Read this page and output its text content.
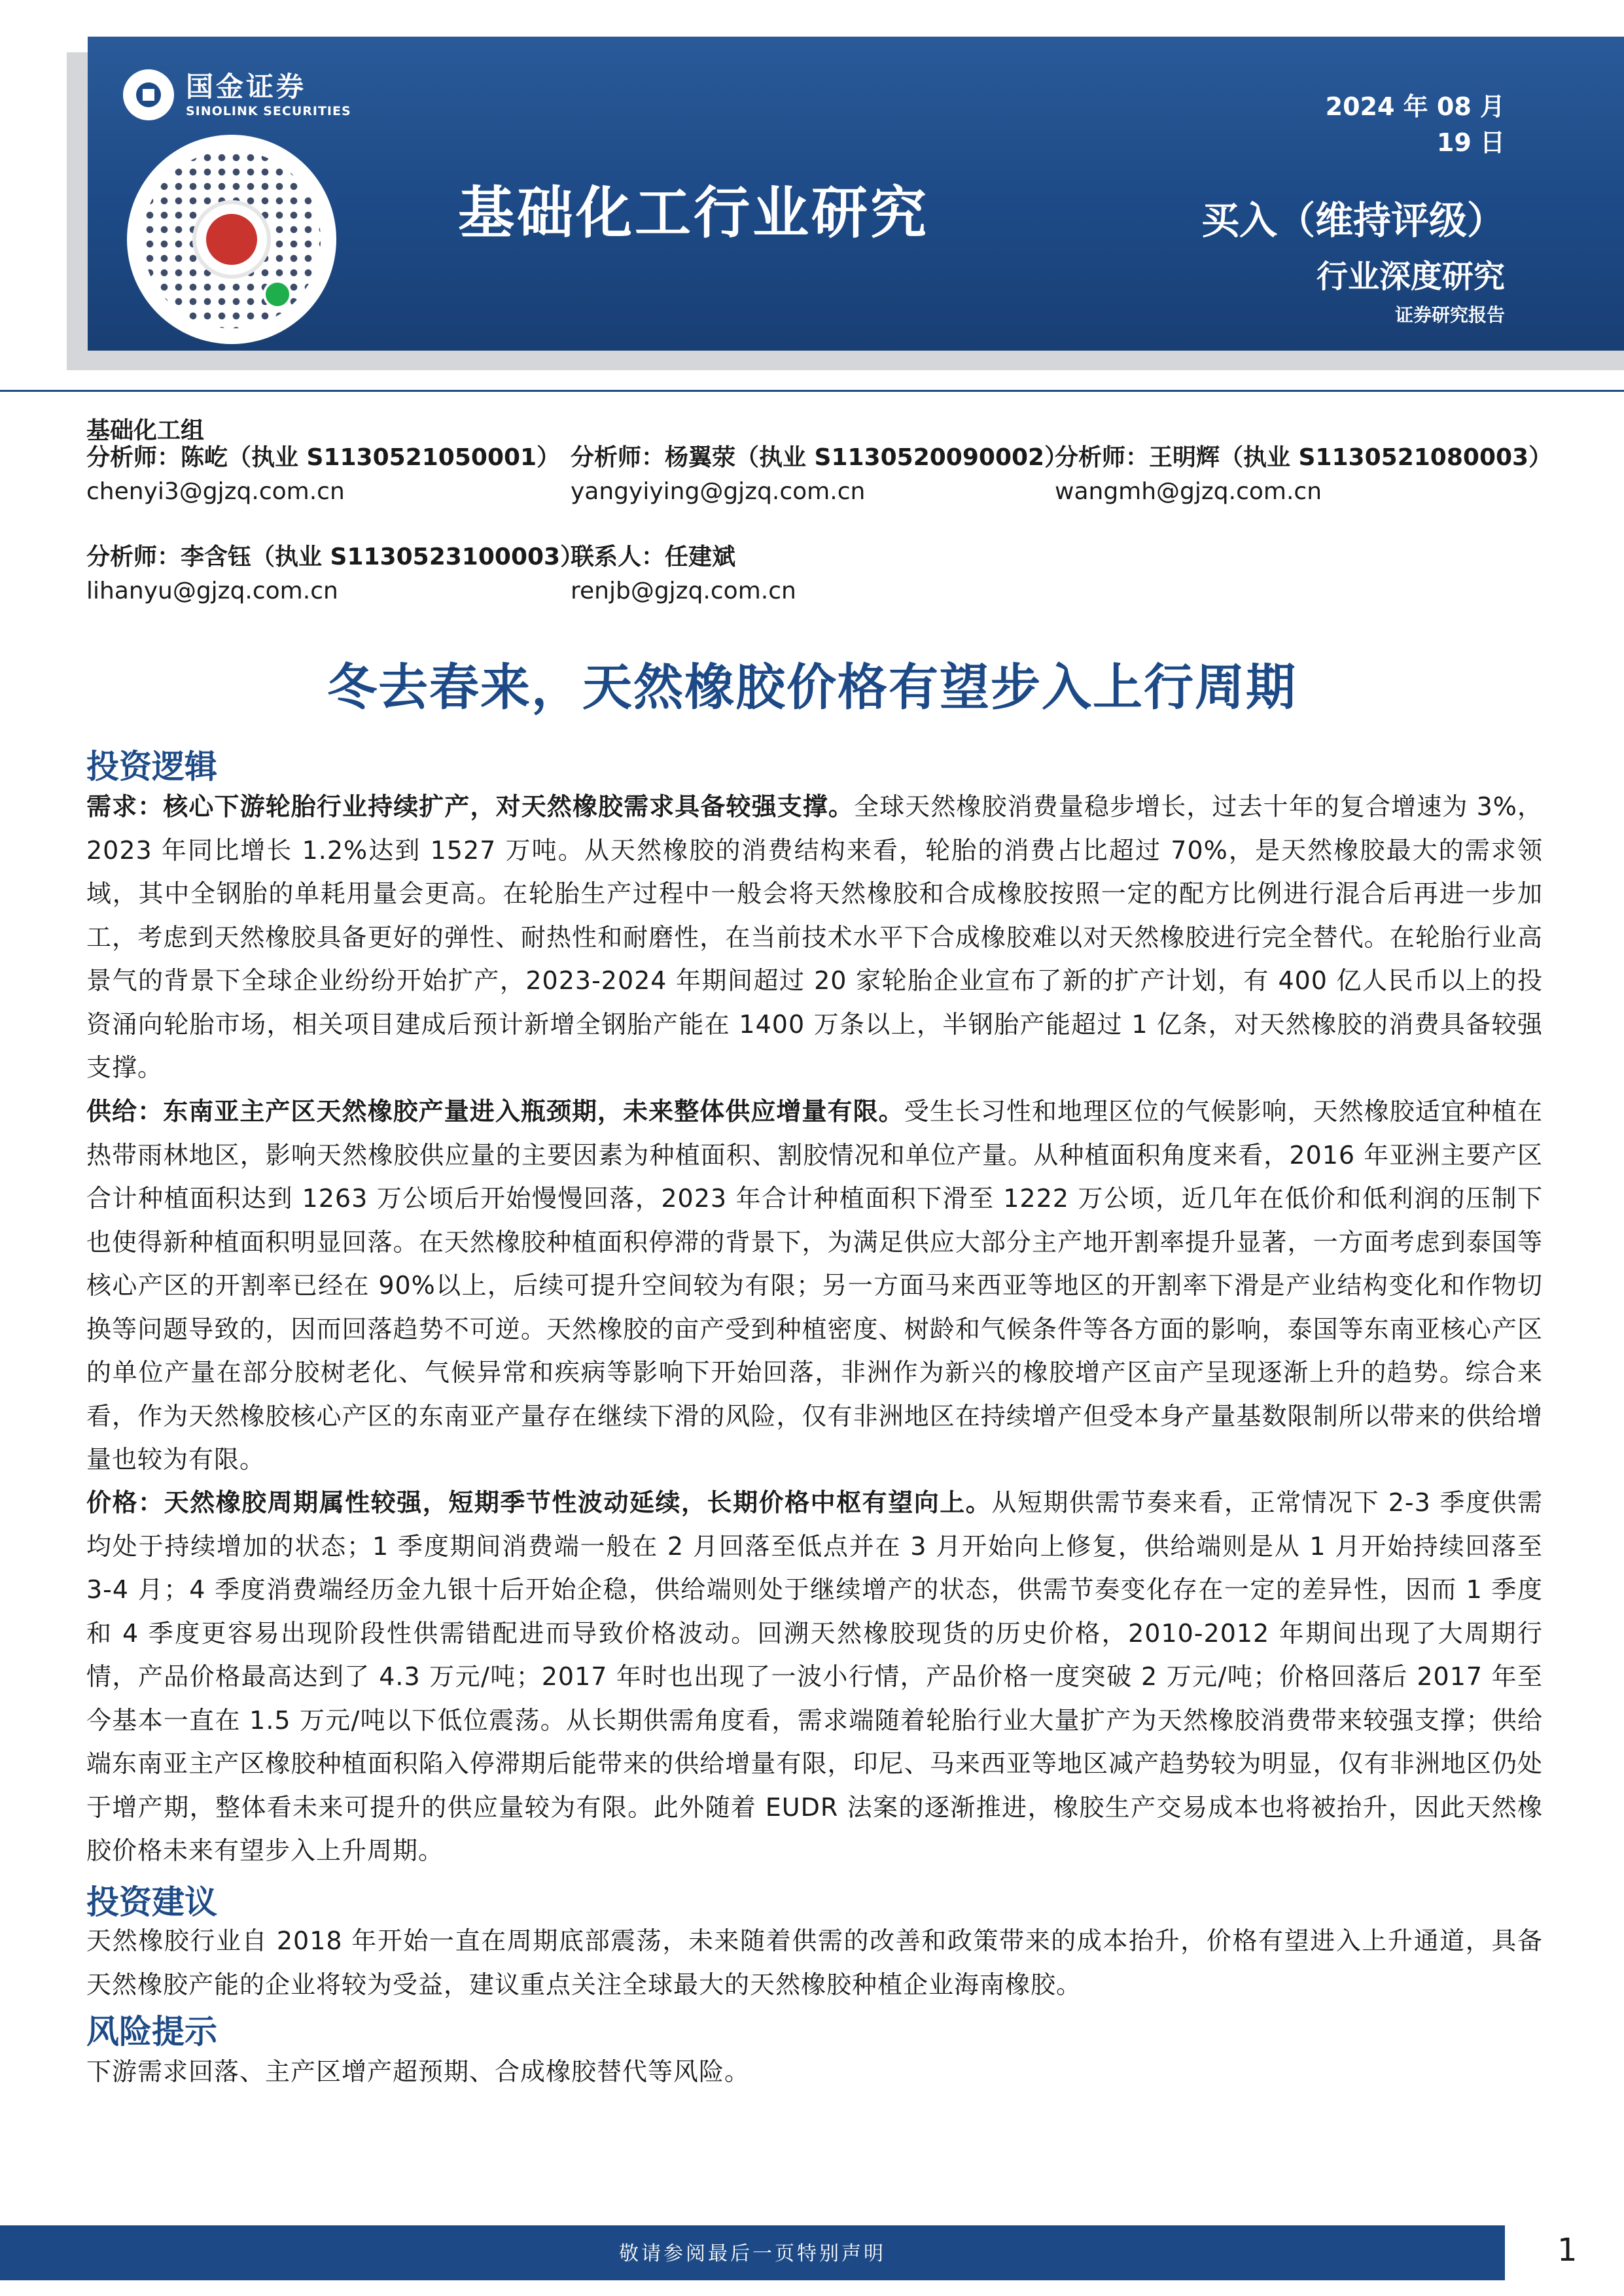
国金证券
SINOLINK SECURITIES	2024 年 08 月 19 日
基础化工行业研究	买入（维持评级）
行业深度研究
证券研究报告
基础化工组
分析师：陈屹（执业 S1130521050001）
chenyi3@gjzq.com.cn
分析师：杨翼荥（执业 S1130520090002）
yangyiying@gjzq.com.cn
分析师：王明辉（执业 S1130521080003）
wangmh@gjzq.com.cn
分析师：李含钰（执业 S1130523100003）
lihanyu@gjzq.com.cn
联系人：任建斌
renjb@gjzq.com.cn
冬去春来，天然橡胶价格有望步入上行周期
投资逻辑
需求：核心下游轮胎行业持续扩产，对天然橡胶需求具备较强支撑。全球天然橡胶消费量稳步增长，过去十年的复合增速为 3%，2023 年同比增长 1.2%达到 1527 万吨。从天然橡胶的消费结构来看，轮胎的消费占比超过 70%，是天然橡胶最大的需求领域，其中全钢胎的单耗用量会更高。在轮胎生产过程中一般会将天然橡胶和合成橡胶按照一定的配方比例进行混合后再进一步加工，考虑到天然橡胶具备更好的弹性、耐热性和耐磨性，在当前技术水平下合成橡胶难以对天然橡胶进行完全替代。在轮胎行业高景气的背景下全球企业纷纷开始扩产，2023-2024 年期间超过 20 家轮胎企业宣布了新的扩产计划，有 400 亿人民币以上的投资涌向轮胎市场，相关项目建成后预计新增全钢胎产能在 1400 万条以上，半钢胎产能超过 1 亿条，对天然橡胶的消费具备较强支撑。
供给：东南亚主产区天然橡胶产量进入瓶颈期，未来整体供应增量有限。受生长习性和地理区位的气候影响，天然橡胶适宜种植在热带雨林地区，影响天然橡胶供应量的主要因素为种植面积、割胶情况和单位产量。从种植面积角度来看，2016 年亚洲主要产区合计种植面积达到 1263 万公顷后开始慢慢回落，2023 年合计种植面积下滑至 1222 万公顷，近几年在低价和低利润的压制下也使得新种植面积明显回落。在天然橡胶种植面积停滞的背景下，为满足供应大部分主产地开割率提升显著，一方面考虑到泰国等核心产区的开割率已经在 90%以上，后续可提升空间较为有限；另一方面马来西亚等地区的开割率下滑是产业结构变化和作物切换等问题导致的，因而回落趋势不可逆。天然橡胶的亩产受到种植密度、树龄和气候条件等各方面的影响，泰国等东南亚核心产区的单位产量在部分胶树老化、气候异常和疾病等影响下开始回落，非洲作为新兴的橡胶增产区亩产呈现逐渐上升的趋势。综合来看，作为天然橡胶核心产区的东南亚产量存在继续下滑的风险，仅有非洲地区在持续增产但受本身产量基数限制所以带来的供给增量也较为有限。
价格：天然橡胶周期属性较强，短期季节性波动延续，长期价格中枢有望向上。从短期供需节奏来看，正常情况下 2-3 季度供需均处于持续增加的状态；1 季度期间消费端一般在 2 月回落至低点并在 3 月开始向上修复，供给端则是从 1 月开始持续回落至 3-4 月；4 季度消费端经历金九银十后开始企稳，供给端则处于继续增产的状态，供需节奏变化存在一定的差异性，因而 1 季度和 4 季度更容易出现阶段性供需错配进而导致价格波动。回溯天然橡胶现货的历史价格，2010-2012 年期间出现了大周期行情，产品价格最高达到了 4.3 万元/吨；2017 年时也出现了一波小行情，产品价格一度突破 2 万元/吨；价格回落后 2017 年至今基本一直在 1.5 万元/吨以下低位震荡。从长期供需角度看，需求端随着轮胎行业大量扩产为天然橡胶消费带来较强支撑；供给端东南亚主产区橡胶种植面积陷入停滞期后能带来的供给增量有限，印尼、马来西亚等地区减产趋势较为明显，仅有非洲地区仍处于增产期，整体看未来可提升的供应量较为有限。此外随着 EUDR 法案的逐渐推进，橡胶生产交易成本也将被抬升，因此天然橡胶价格未来有望步入上升周期。
投资建议
天然橡胶行业自 2018 年开始一直在周期底部震荡，未来随着供需的改善和政策带来的成本抬升，价格有望进入上升通道，具备天然橡胶产能的企业将较为受益，建议重点关注全球最大的天然橡胶种植企业海南橡胶。
风险提示
下游需求回落、主产区增产超预期、合成橡胶替代等风险。
敬请参阅最后一页特别声明	1
